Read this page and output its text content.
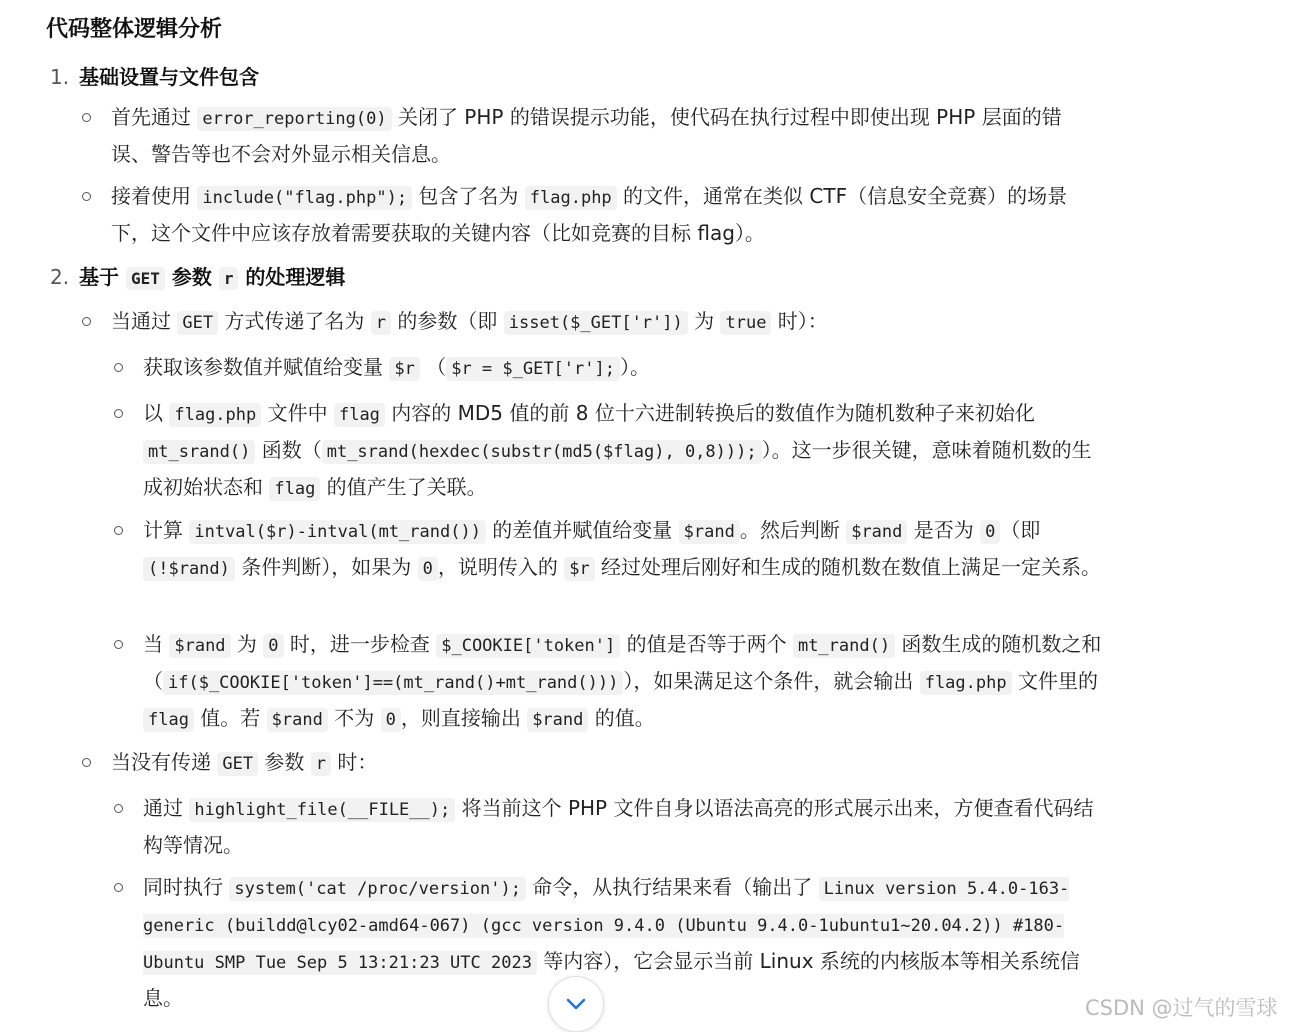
代码整体逻辑分析
1. 基础设置与文件包含
首先通过 error_reporting(0) 关闭了 PHP 的错误提示功能，使代码在执行过程中即使出现 PHP 层面的错误、警告等也不会对外显示相关信息。
接着使用 include("flag.php"); 包含了名为 flag.php 的文件，通常在类似 CTF（信息安全竞赛）的场景下，这个文件中应该存放着需要获取的关键内容（比如竞赛的目标 flag）。
2. 基于 GET 参数 r 的处理逻辑
当通过 GET 方式传递了名为 r 的参数（即 isset($_GET['r']) 为 true 时）：
获取该参数值并赋值给变量 $r （ $r = $_GET['r']; ）。
以 flag.php 文件中 flag 内容的 MD5 值的前 8 位十六进制转换后的数值作为随机数种子来初始化 mt_srand() 函数（ mt_srand(hexdec(substr(md5($flag), 0,8))); ）。这一步很关键，意味着随机数的生成初始状态和 flag 的值产生了关联。
计算 intval($r)-intval(mt_rand()) 的差值并赋值给变量 $rand 。然后判断 $rand 是否为 0 （即 (!$rand) 条件判断），如果为 0 ，说明传入的 $r 经过处理后刚好和生成的随机数在数值上满足一定关系。
当 $rand 为 0 时，进一步检查 $_COOKIE['token'] 的值是否等于两个 mt_rand() 函数生成的随机数之和（ if($_COOKIE['token']==(mt_rand()+mt_rand())) ），如果满足这个条件，就会输出 flag.php 文件里的 flag 值。若 $rand 不为 0 ，则直接输出 $rand 的值。
当没有传递 GET 参数 r 时：
通过 highlight_file(__FILE__); 将当前这个 PHP 文件自身以语法高亮的形式展示出来，方便查看代码结构等情况。
同时执行 system('cat /proc/version'); 命令，从执行结果来看（输出了 Linux version 5.4.0-163-generic (buildd@lcy02-amd64-067) (gcc version 9.4.0 (Ubuntu 9.4.0-1ubuntu1~20.04.2)) #180-Ubuntu SMP Tue Sep 5 13:21:23 UTC 2023 等内容），它会显示当前 Linux 系统的内核版本等相关系统信息。	CSDN @过气的雪球
